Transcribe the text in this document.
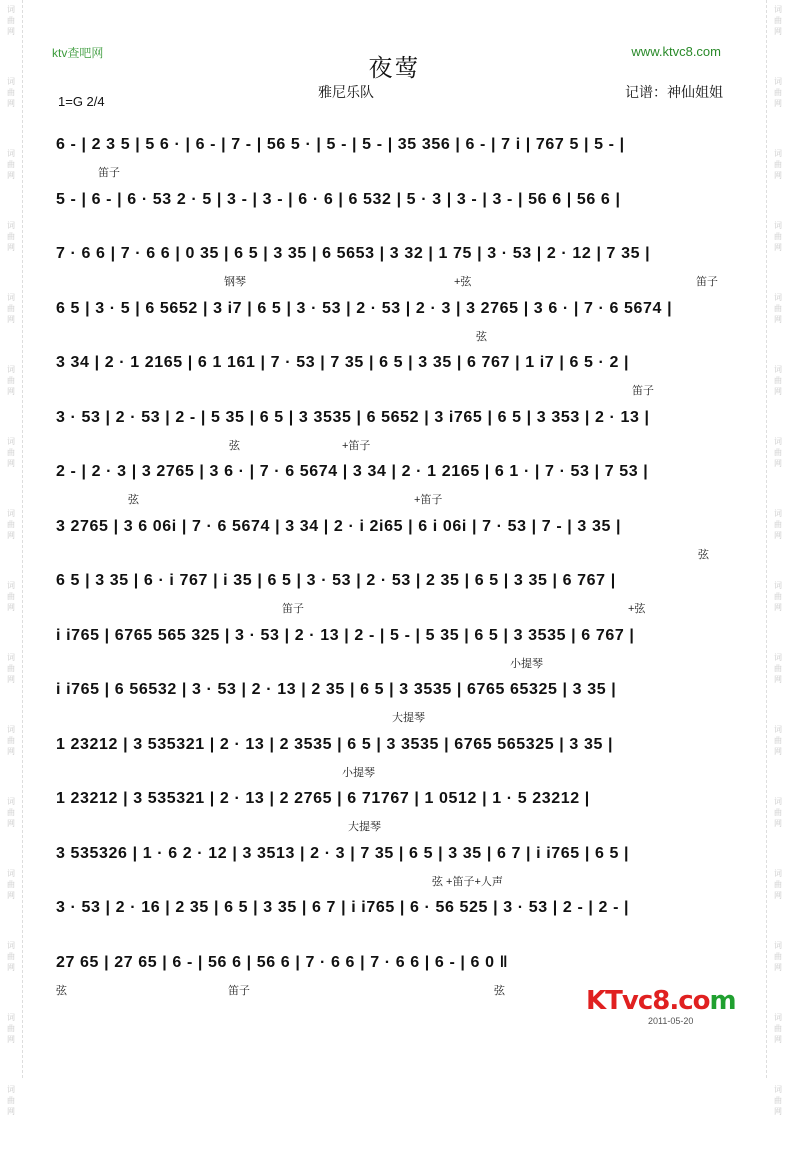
词
曲
网
词
曲
网
词
曲
网
词
曲
网
词
曲
网
词
曲
网
词
曲
网
词
曲
网
词
曲
网
词
曲
网
词
曲
网
词
曲
网
词
曲
网
词
曲
网
词
曲
网
词
曲
网
词
曲
网
词
曲
网
词
曲
网
词
曲
网
词
曲
网
词
曲
网
词
曲
网
词
曲
网
词
曲
网
词
曲
网
词
曲
网
词
曲
网
词
曲
网
词
曲
网
词
曲
网
词
曲
网
ktv查吧网	www.ktvc8.com
夜莺
雅尼乐队	记谱：神仙姐姐
1=G 2/4
6 - | 2 3 5 | 5 6 · | 6 - | 7 - | 56 5 · | 5 - | 5 - | 35 356 | 6 - | 7 i | 767 5 | 5 - |
笛子
5 - | 6 - | 6 · 53 2 · 5 | 3 - | 3 - | 6 · 6 | 6 532 | 5 · 3 | 3 - | 3 - | 56 6 | 56 6 |
7 · 6 6 | 7 · 6 6 | 0 35 | 6 5 | 3 35 | 6 5653 | 3 32 | 1 75 | 3 · 53 | 2 · 12 | 7 35 |
钢琴	+弦	笛子
6 5 | 3 · 5 | 6 5652 | 3 i7 | 6 5 | 3 · 53 | 2 · 53 | 2 · 3 | 3 2765 | 3 6 · | 7 · 6 5674 |
弦
3 34 | 2 · 1 2165 | 6 1 161 | 7 · 53 | 7 35 | 6 5 | 3 35 | 6 767 | 1 i7 | 6 5 · 2 |
笛子
3 · 53 | 2 · 53 | 2 - | 5 35 | 6 5 | 3 3535 | 6 5652 | 3 i765 | 6 5 | 3 353 | 2 · 13 |
弦	+笛子
2 - | 2 · 3 | 3 2765 | 3 6 · | 7 · 6 5674 | 3 34 | 2 · 1 2165 | 6 1 · | 7 · 53 | 7 53 |
弦	+笛子
3 2765 | 3 6 06i | 7 · 6 5674 | 3 34 | 2 · i 2i65 | 6 i 06i | 7 · 53 | 7 - | 3 35 |
弦
6 5 | 3 35 | 6 · i 767 | i 35 | 6 5 | 3 · 53 | 2 · 53 | 2 35 | 6 5 | 3 35 | 6 767 |
笛子	+弦
i i765 | 6765 565 325 | 3 · 53 | 2 · 13 | 2 - | 5 - | 5 35 | 6 5 | 3 3535 | 6 767 |
小提琴
i i765 | 6 56532 | 3 · 53 | 2 · 13 | 2 35 | 6 5 | 3 3535 | 6765 65325 | 3 35 |
大提琴
1 23212 | 3 535321 | 2 · 13 | 2 3535 | 6 5 | 3 3535 | 6765 565325 | 3 35 |
小提琴
1 23212 | 3 535321 | 2 · 13 | 2 2765 | 6 71767 | 1 0512 | 1 · 5 23212 |
大提琴
3 535326 | 1 · 6 2 · 12 | 3 3513 | 2 · 3 | 7 35 | 6 5 | 3 35 | 6 7 | i i765 | 6 5 |
弦 +笛子+人声
3 · 53 | 2 · 16 | 2 35 | 6 5 | 3 35 | 6 7 | i i765 | 6 · 56 525 | 3 · 53 | 2 - | 2 - |
27 65 | 27 65 | 6 - | 56 6 | 56 6 | 7 · 6 6 | 7 · 6 6 | 6 - | 6 0 ‖
弦	笛子	弦	KTvc8.com
2011-05-20
